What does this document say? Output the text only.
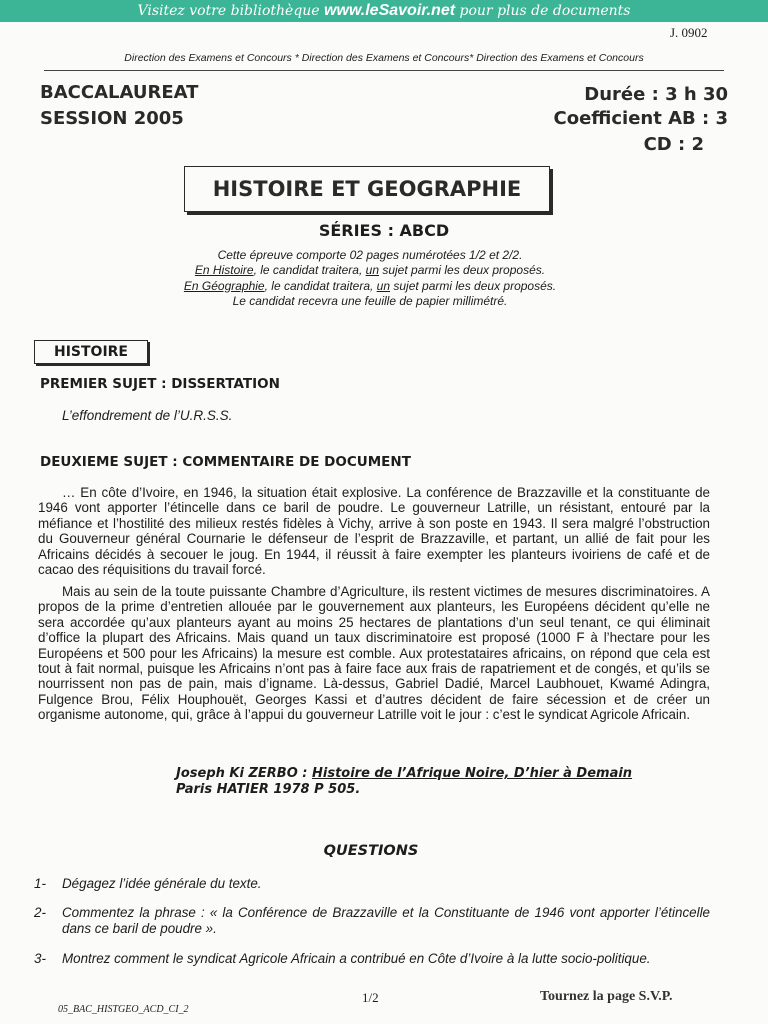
Visitez votre bibliothèque www.leSavoir.net pour plus de documents
J. 0902
Direction des Examens et Concours * Direction des Examens et Concours* Direction des Examens et Concours
BACCALAUREAT
SESSION 2005
Durée : 3 h 30
Coefficient AB : 3
CD : 2
HISTOIRE ET GEOGRAPHIE
SÉRIES : ABCD
Cette épreuve comporte 02 pages numérotées 1/2 et 2/2.
En Histoire, le candidat traitera, un sujet parmi les deux proposés.
En Géographie, le candidat traitera, un sujet parmi les deux proposés.
Le candidat recevra une feuille de papier millimétré.
HISTOIRE
PREMIER SUJET : DISSERTATION
L’effondrement de l’U.R.S.S.
DEUXIEME SUJET : COMMENTAIRE DE DOCUMENT
… En côte d’Ivoire, en 1946, la situation était explosive. La conférence de Brazzaville et la constituante de 1946 vont apporter l’étincelle dans ce baril de poudre. Le gouverneur Latrille, un résistant, entouré par la méfiance et l’hostilité des milieux restés fidèles à Vichy, arrive à son poste en 1943. Il sera malgré l’obstruction du Gouverneur général Cournarie le défenseur de l’esprit de Brazzaville, et partant, un allié de fait pour les Africains décidés à secouer le joug. En 1944, il réussit à faire exempter les planteurs ivoiriens de café et de cacao des réquisitions du travail forcé.
Mais au sein de la toute puissante Chambre d’Agriculture, ils restent victimes de mesures discriminatoires. A propos de la prime d’entretien allouée par le gouvernement aux planteurs, les Européens décident qu’elle ne sera accordée qu’aux planteurs ayant au moins 25 hectares de plantations d’un seul tenant, ce qui éliminait d’office la plupart des Africains. Mais quand un taux discriminatoire est proposé (1000 F à l’hectare pour les Européens et 500 pour les Africains) la mesure est comble. Aux protestataires africains, on répond que cela est tout à fait normal, puisque les Africains n’ont pas à faire face aux frais de rapatriement et de congés, et qu’ils se nourrissent non pas de pain, mais d’igname. Là-dessus, Gabriel Dadié, Marcel Laubhouet, Kwamé Adingra, Fulgence Brou, Félix Houphouët, Georges Kassi et d’autres décident de faire sécession et de créer un organisme autonome, qui, grâce à l’appui du gouverneur Latrille voit le jour : c’est le syndicat Agricole Africain.
Joseph Ki ZERBO : Histoire de l’Afrique Noire, D’hier à Demain
Paris HATIER 1978 P 505.
QUESTIONS
1-	Dégagez l’idée générale du texte.
2-	Commentez la phrase : « la Conférence de Brazzaville et la Constituante de 1946 vont apporter l’étincelle dans ce baril de poudre ».
3-	Montrez comment le syndicat Agricole Africain a contribué en Côte d’Ivoire à la lutte socio-politique.
1/2	Tournez la page S.V.P.
05_BAC_HISTGEO_ACD_CI_2
